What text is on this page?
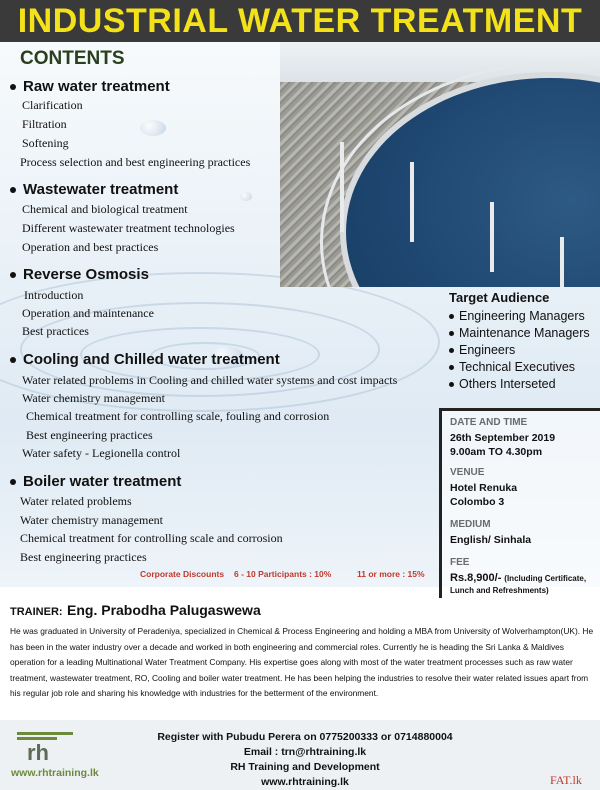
INDUSTRIAL WATER TREATMENT
CONTENTS
Raw water treatment
Clarification
Filtration
Softening
Process selection and best engineering practices
Wastewater treatment
Chemical and biological treatment
Different wastewater treatment technologies
Operation and best practices
Reverse Osmosis
Introduction
Operation and maintenance
Best practices
Cooling and Chilled water treatment
Water related problems in Cooling and chilled water systems and cost impacts
Water chemistry management
Chemical treatment for controlling scale, fouling and corrosion
Best engineering practices
Water safety - Legionella control
Boiler water treatment
Water related problems
Water chemistry management
Chemical treatment for controlling scale and corrosion
Best engineering practices
Target Audience
Engineering Managers
Maintenance Managers
Engineers
Technical Executives
Others Interseted
DATE AND TIME
26th September 2019
9.00am TO 4.30pm
VENUE
Hotel Renuka
Colombo 3
MEDIUM
English/ Sinhala
FEE
Rs.8,900/- (Including Certificate,
Lunch and Refreshments)
Corporate Discounts 6 - 10 Participants : 10%	11 or more : 15%
TRAINER: Eng. Prabodha Palugaswewa
He was graduated in University of Peradeniya, specialized in Chemical & Process Engineering and holding a MBA from University of Wolverhampton(UK). He has been in the water industry over a decade and worked in both engineering and commercial roles. Currently he is heading the Sri Lanka & Maldives operation for a leading Multinational Water Treatment Company. His expertise goes along with most of the water treatment processes such as raw water treatment, wastewater treatment, RO, Cooling and boiler water treatment. He has been helping the industries to resolve their water related issues apart from his regular job role and sharing his knowledge with industries for the betterment of the environment.
rh
www.rhtraining.lk
Register with Pubudu Perera on 0775200333 or 0714880004
Email : trn@rhtraining.lk
RH Training and Development
www.rhtraining.lk	FAT.lk
